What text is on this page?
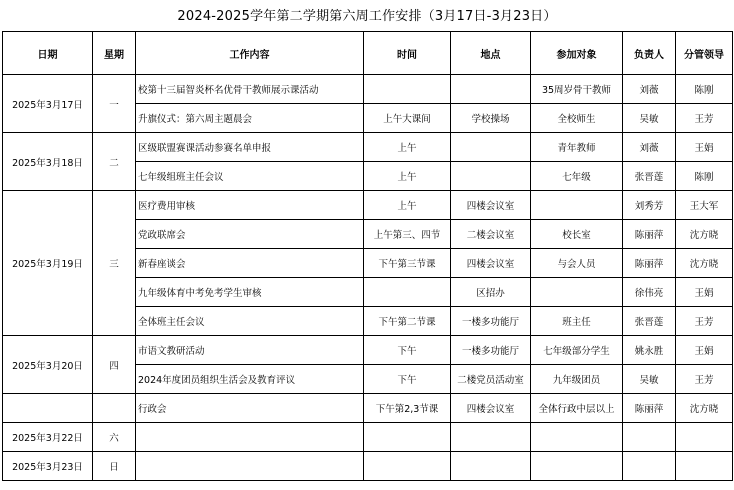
2024-2025学年第二学期第六周工作安排（3月17日-3月23日）
日期	星期	工作内容	时间	地点	参加对象	负责人	分管领导
2025年3月17日	一	校第十三届智炎杯名优骨干教师展示课活动			35周岁骨干教师	刘薇	陈刚
		升旗仪式：第六周主题晨会	上午大课间	学校操场	全校师生	吴敏	王芳
2025年3月18日	二	区级联盟赛课活动参赛名单申报	上午		青年教师	刘薇	王娟
		七年级组班主任会议	上午		七年级	张晋莲	陈刚
2025年3月19日	三	医疗费用审核	上午	四楼会议室		刘秀芳	王大军
		党政联席会	上午第三、四节	二楼会议室	校长室	陈丽萍	沈方晓
		新春座谈会	下午第三节课	四楼会议室	与会人员	陈丽萍	沈方晓
		九年级体育中考免考学生审核		区招办		徐伟亮	王娟
		全体班主任会议	下午第二节课	一楼多功能厅	班主任	张晋莲	王芳
2025年3月20日	四	市语文教研活动	下午	一楼多功能厅	七年级部分学生	姚永胜	王娟
		2024年度团员组织生活会及教育评议	下午	二楼党员活动室	九年级团员	吴敏	王芳
		行政会	下午第2,3节课	四楼会议室	全体行政中层以上	陈丽萍	沈方晓
2025年3月22日	六						
2025年3月23日	日						
